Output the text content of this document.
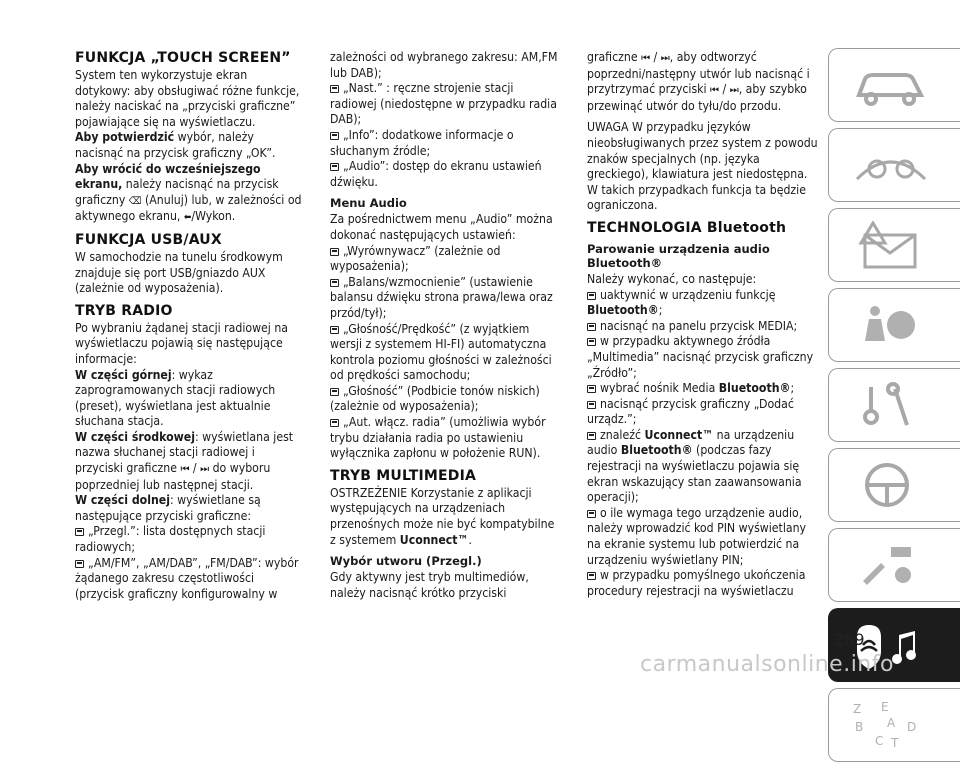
FUNKCJA „TOUCH SCREEN”

System ten wykorzystuje ekran dotykowy: aby obsługiwać różne funkcje, należy naciskać na „przyciski graficzne” pojawiające się na wyświetlaczu.

Aby potwierdzić wybór, należy nacisnąć na przycisk graficzny „OK”.

Aby wrócić do wcześniejszego ekranu, należy nacisnąć na przycisk graficzny ⌫ (Anuluj) lub, w zależności od aktywnego ekranu, ⬅/Wykon.

FUNKCJA USB/AUX

W samochodzie na tunelu środkowym znajduje się port USB/gniazdo AUX (zależnie od wyposażenia).

TRYB RADIO

Po wybraniu żądanej stacji radiowej na wyświetlaczu pojawią się następujące informacje:

W części górnej: wykaz zaprogramowanych stacji radiowych (preset), wyświetlana jest aktualnie słuchana stacja.

W części środkowej: wyświetlana jest nazwa słuchanej stacji radiowej i przyciski graficzne ⏮ / ⏭ do wyboru poprzedniej lub następnej stacji.

W części dolnej: wyświetlane są następujące przyciski graficzne:

„Przegl.”: lista dostępnych stacji radiowych;

„AM/FM”, „AM/DAB”, „FM/DAB”: wybór żądanego zakresu częstotliwości (przycisk graficzny konfigurowalny w

zależności od wybranego zakresu: AM,FM lub DAB);

„Nast.” : ręczne strojenie stacji radiowej (niedostępne w przypadku radia DAB);

„Info”: dodatkowe informacje o słuchanym źródle;

„Audio”: dostęp do ekranu ustawień dźwięku.

Menu Audio

Za pośrednictwem menu „Audio” można dokonać następujących ustawień:

„Wyrównywacz” (zależnie od wyposażenia);

„Balans/wzmocnienie” (ustawienie balansu dźwięku strona prawa/lewa oraz przód/tył);

„Głośność/Prędkość” (z wyjątkiem wersji z systemem HI-FI) automatyczna kontrola poziomu głośności w zależności od prędkości samochodu;

„Głośność” (Podbicie tonów niskich) (zależnie od wyposażenia);

„Aut. włącz. radia” (umożliwia wybór trybu działania radia po ustawieniu wyłącznika zapłonu w położenie RUN).

TRYB MULTIMEDIA

OSTRZEŻENIE Korzystanie z aplikacji występujących na urządzeniach przenośnych może nie być kompatybilne z systemem Uconnect™.

Wybór utworu (Przegl.)

Gdy aktywny jest tryb multimediów, należy nacisnąć krótko przyciski

graficzne ⏮ / ⏭, aby odtworzyć poprzedni/następny utwór lub nacisnąć i przytrzymać przyciski ⏮ / ⏭, aby szybko przewinąć utwór do tyłu/do przodu.

UWAGA W przypadku języków nieobsługiwanych przez system z powodu znaków specjalnych (np. języka greckiego), klawiatura jest niedostępna. W takich przypadkach funkcja ta będzie ograniczona.

TECHNOLOGIA Bluetooth
Parowanie urządzenia audio Bluetooth®

Należy wykonać, co następuje:

uaktywnić w urządzeniu funkcję Bluetooth®;

nacisnąć na panelu przycisk MEDIA;

w przypadku aktywnego źródła „Multimedia” nacisnąć przycisk graficzny „Źródło”;

wybrać nośnik Media Bluetooth®;

nacisnąć przycisk graficzny „Dodać urządz.”;

znaleźć Uconnect™ na urządzeniu audio Bluetooth® (podczas fazy rejestracji na wyświetlaczu pojawia się ekran wskazujący stan zaawansowania operacji);

o ile wymaga tego urządzenie audio, należy wprowadzić kod PIN wyświetlany na ekranie systemu lub potwierdzić na urządzeniu wyświetlany PIN;

w przypadku pomyślnego ukończenia procedury rejestracji na wyświetlaczu

Z E
B
C
A D
T
289
carmanualsonline.info
